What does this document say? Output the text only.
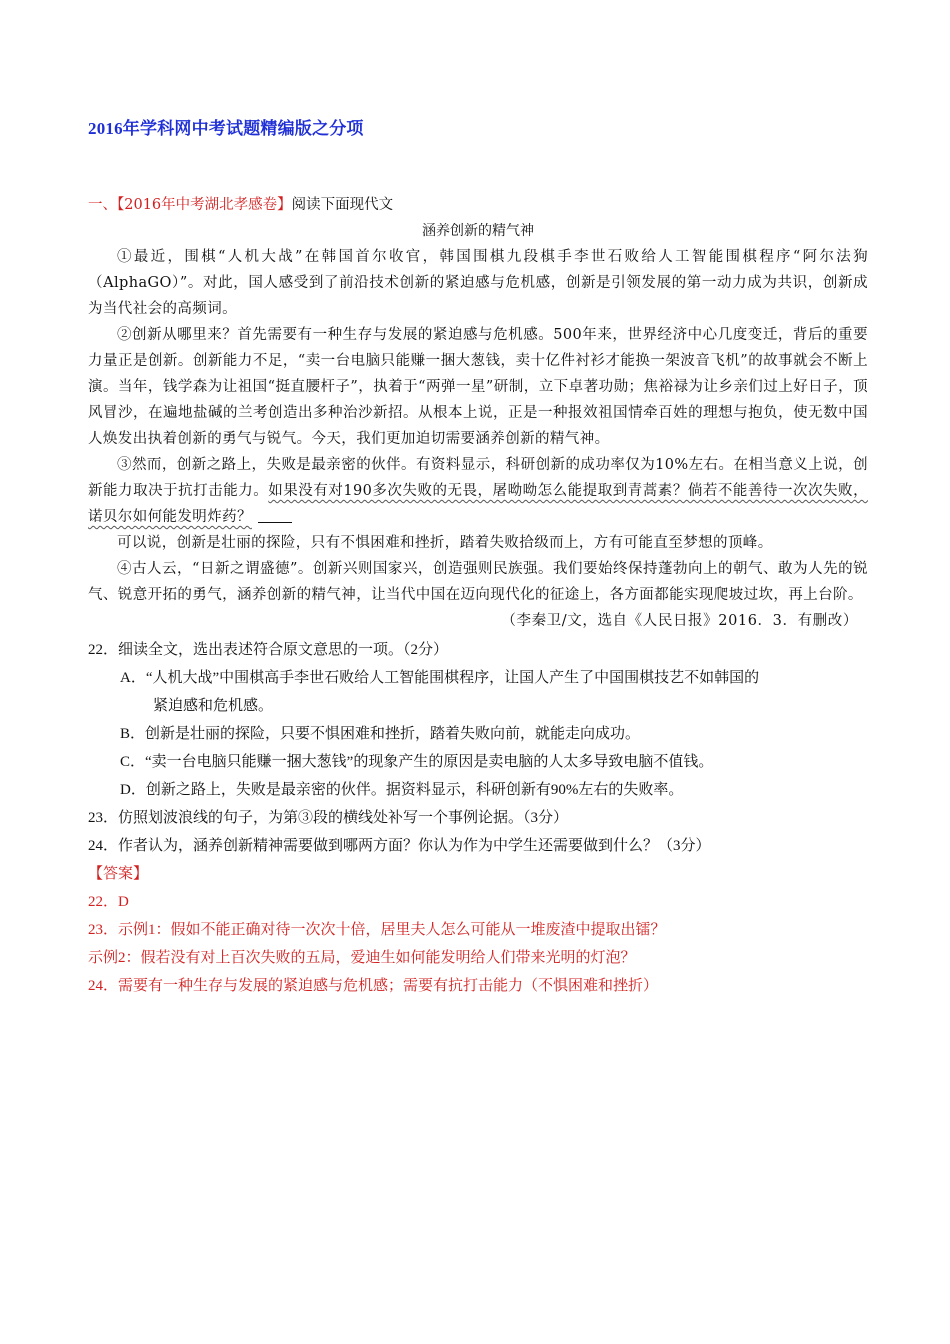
2016年学科网中考试题精编版之分项
一、【2016年中考湖北孝感卷】阅读下面现代文
涵养创新的精气神

①最近，围棋“人机大战”在韩国首尔收官，韩国围棋九段棋手李世石败给人工智能围棋程序“阿尔法狗（AlphaGO）”。对此，国人感受到了前沿技术创新的紧迫感与危机感，创新是引领发展的第一动力成为共识，创新成为当代社会的高频词。

②创新从哪里来？首先需要有一种生存与发展的紧迫感与危机感。500年来，世界经济中心几度变迁，背后的重要力量正是创新。创新能力不足，“卖一台电脑只能赚一捆大葱钱，卖十亿件衬衫才能换一架波音飞机”的故事就会不断上演。当年，钱学森为让祖国“挺直腰杆子”，执着于“两弹一星”研制，立下卓著功勋；焦裕禄为让乡亲们过上好日子，顶风冒沙，在遍地盐碱的兰考创造出多种治沙新招。从根本上说，正是一种报效祖国情牵百姓的理想与抱负，使无数中国人焕发出执着创新的勇气与锐气。今天，我们更加迫切需要涵养创新的精气神。

③然而，创新之路上，失败是最亲密的伙伴。有资料显示，科研创新的成功率仅为10%左右。在相当意义上说，创新能力取决于抗打击能力。如果没有对190多次失败的无畏，屠呦呦怎么能提取到青蒿素？倘若不能善待一次次失败，诺贝尔如何能发明炸药？

可以说，创新是壮丽的探险，只有不惧困难和挫折，踏着失败拾级而上，方有可能直至梦想的顶峰。

④古人云，“日新之谓盛德”。创新兴则国家兴，创造强则民族强。我们要始终保持蓬勃向上的朝气、敢为人先的锐气、锐意开拓的勇气，涵养创新的精气神，让当代中国在迈向现代化的征途上，各方面都能实现爬坡过坎，再上台阶。

（李秦卫/文，选自《人民日报》2016．3．有删改）

22．细读全文，选出表述符合原文意思的一项。（2分）

A．“人机大战”中围棋高手李世石败给人工智能围棋程序，让国人产生了中国围棋技艺不如韩国的
紧迫感和危机感。

B．创新是壮丽的探险，只要不惧困难和挫折，踏着失败向前，就能走向成功。

C．“卖一台电脑只能赚一捆大葱钱”的现象产生的原因是卖电脑的人太多导致电脑不值钱。

D．创新之路上，失败是最亲密的伙伴。据资料显示，科研创新有90%左右的失败率。

23．仿照划波浪线的句子，为第③段的横线处补写一个事例论据。（3分）

24．作者认为，涵养创新精神需要做到哪两方面？你认为作为中学生还需要做到什么？（3分）

【答案】

22．D

23．示例1：假如不能正确对待一次次十倍，居里夫人怎么可能从一堆废渣中提取出镭？

示例2：假若没有对上百次失败的五局，爱迪生如何能发明给人们带来光明的灯泡？

24．需要有一种生存与发展的紧迫感与危机感；需要有抗打击能力（不惧困难和挫折）
